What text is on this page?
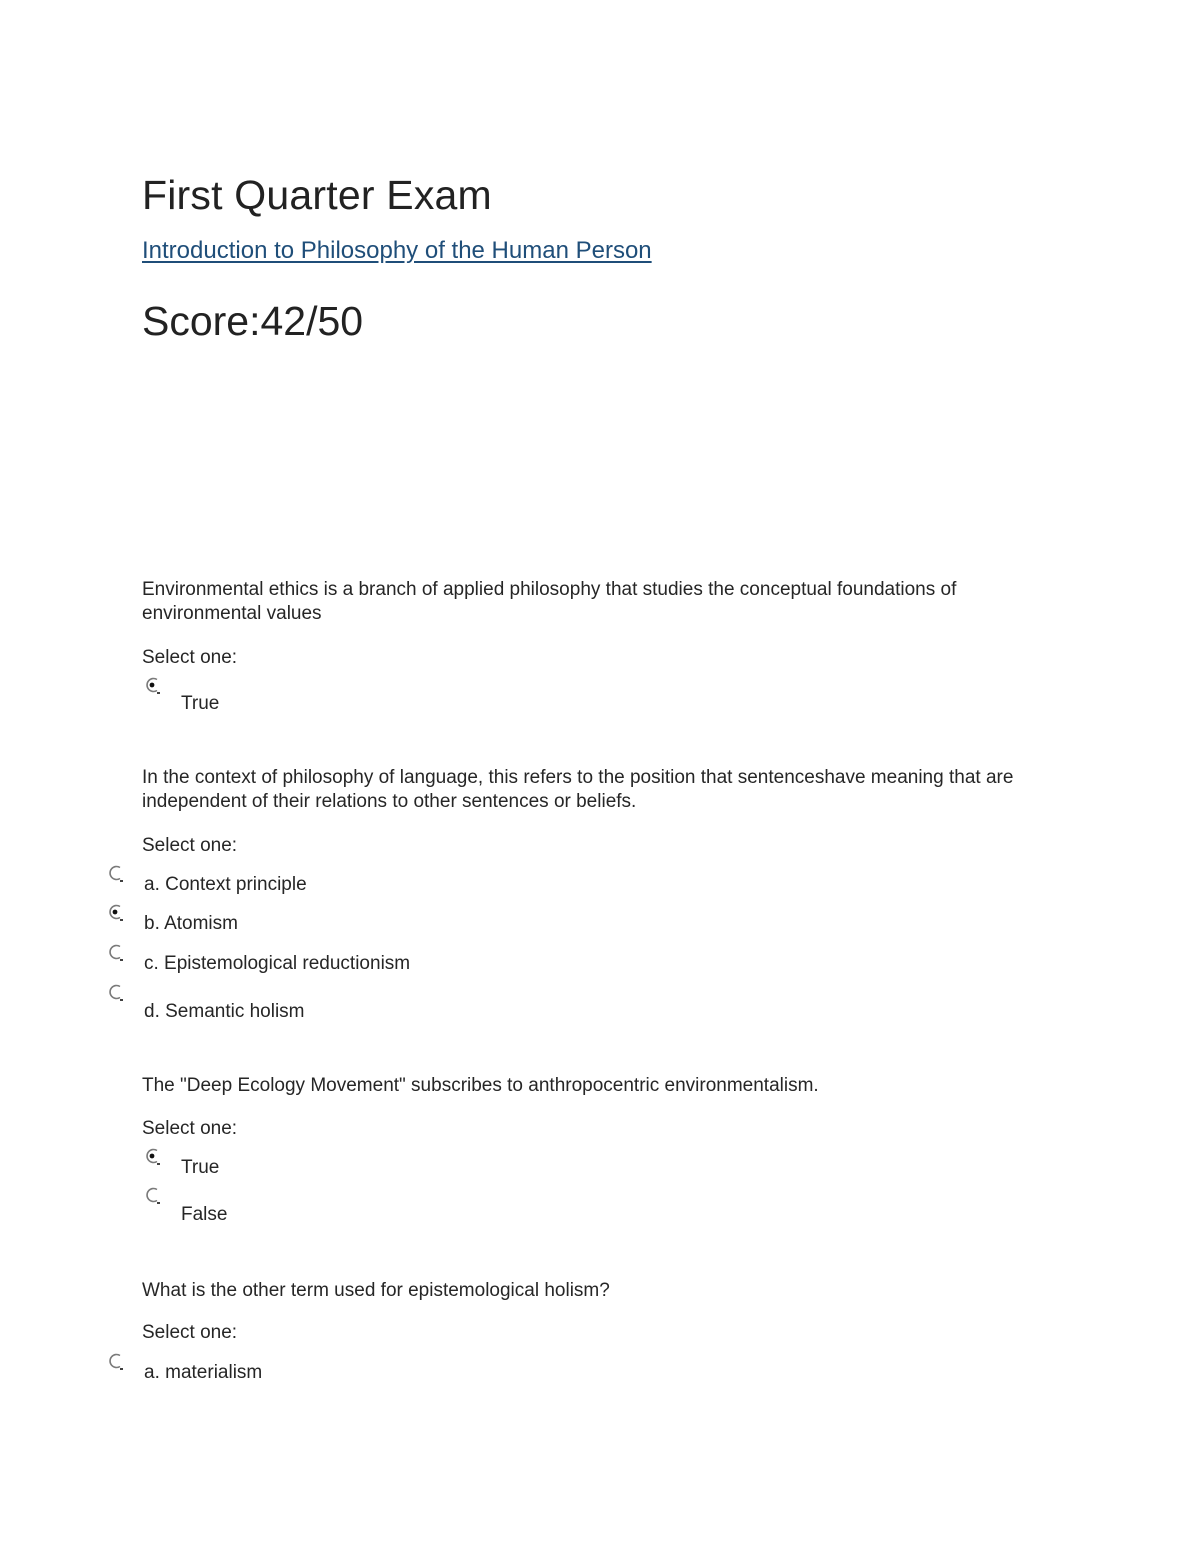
First Quarter Exam
Introduction to Philosophy of the Human Person
Score:42/50
Environmental ethics is a branch of applied philosophy that studies the conceptual foundations of environmental values
Select one:
True
In the context of philosophy of language, this refers to the position that sentenceshave meaning that are independent of their relations to other sentences or beliefs.
Select one:
a. Context principle
b. Atomism
c. Epistemological reductionism
d. Semantic holism
The "Deep Ecology Movement" subscribes to anthropocentric environmentalism.
Select one:
True
False
What is the other term used for epistemological holism?
Select one:
a. materialism
